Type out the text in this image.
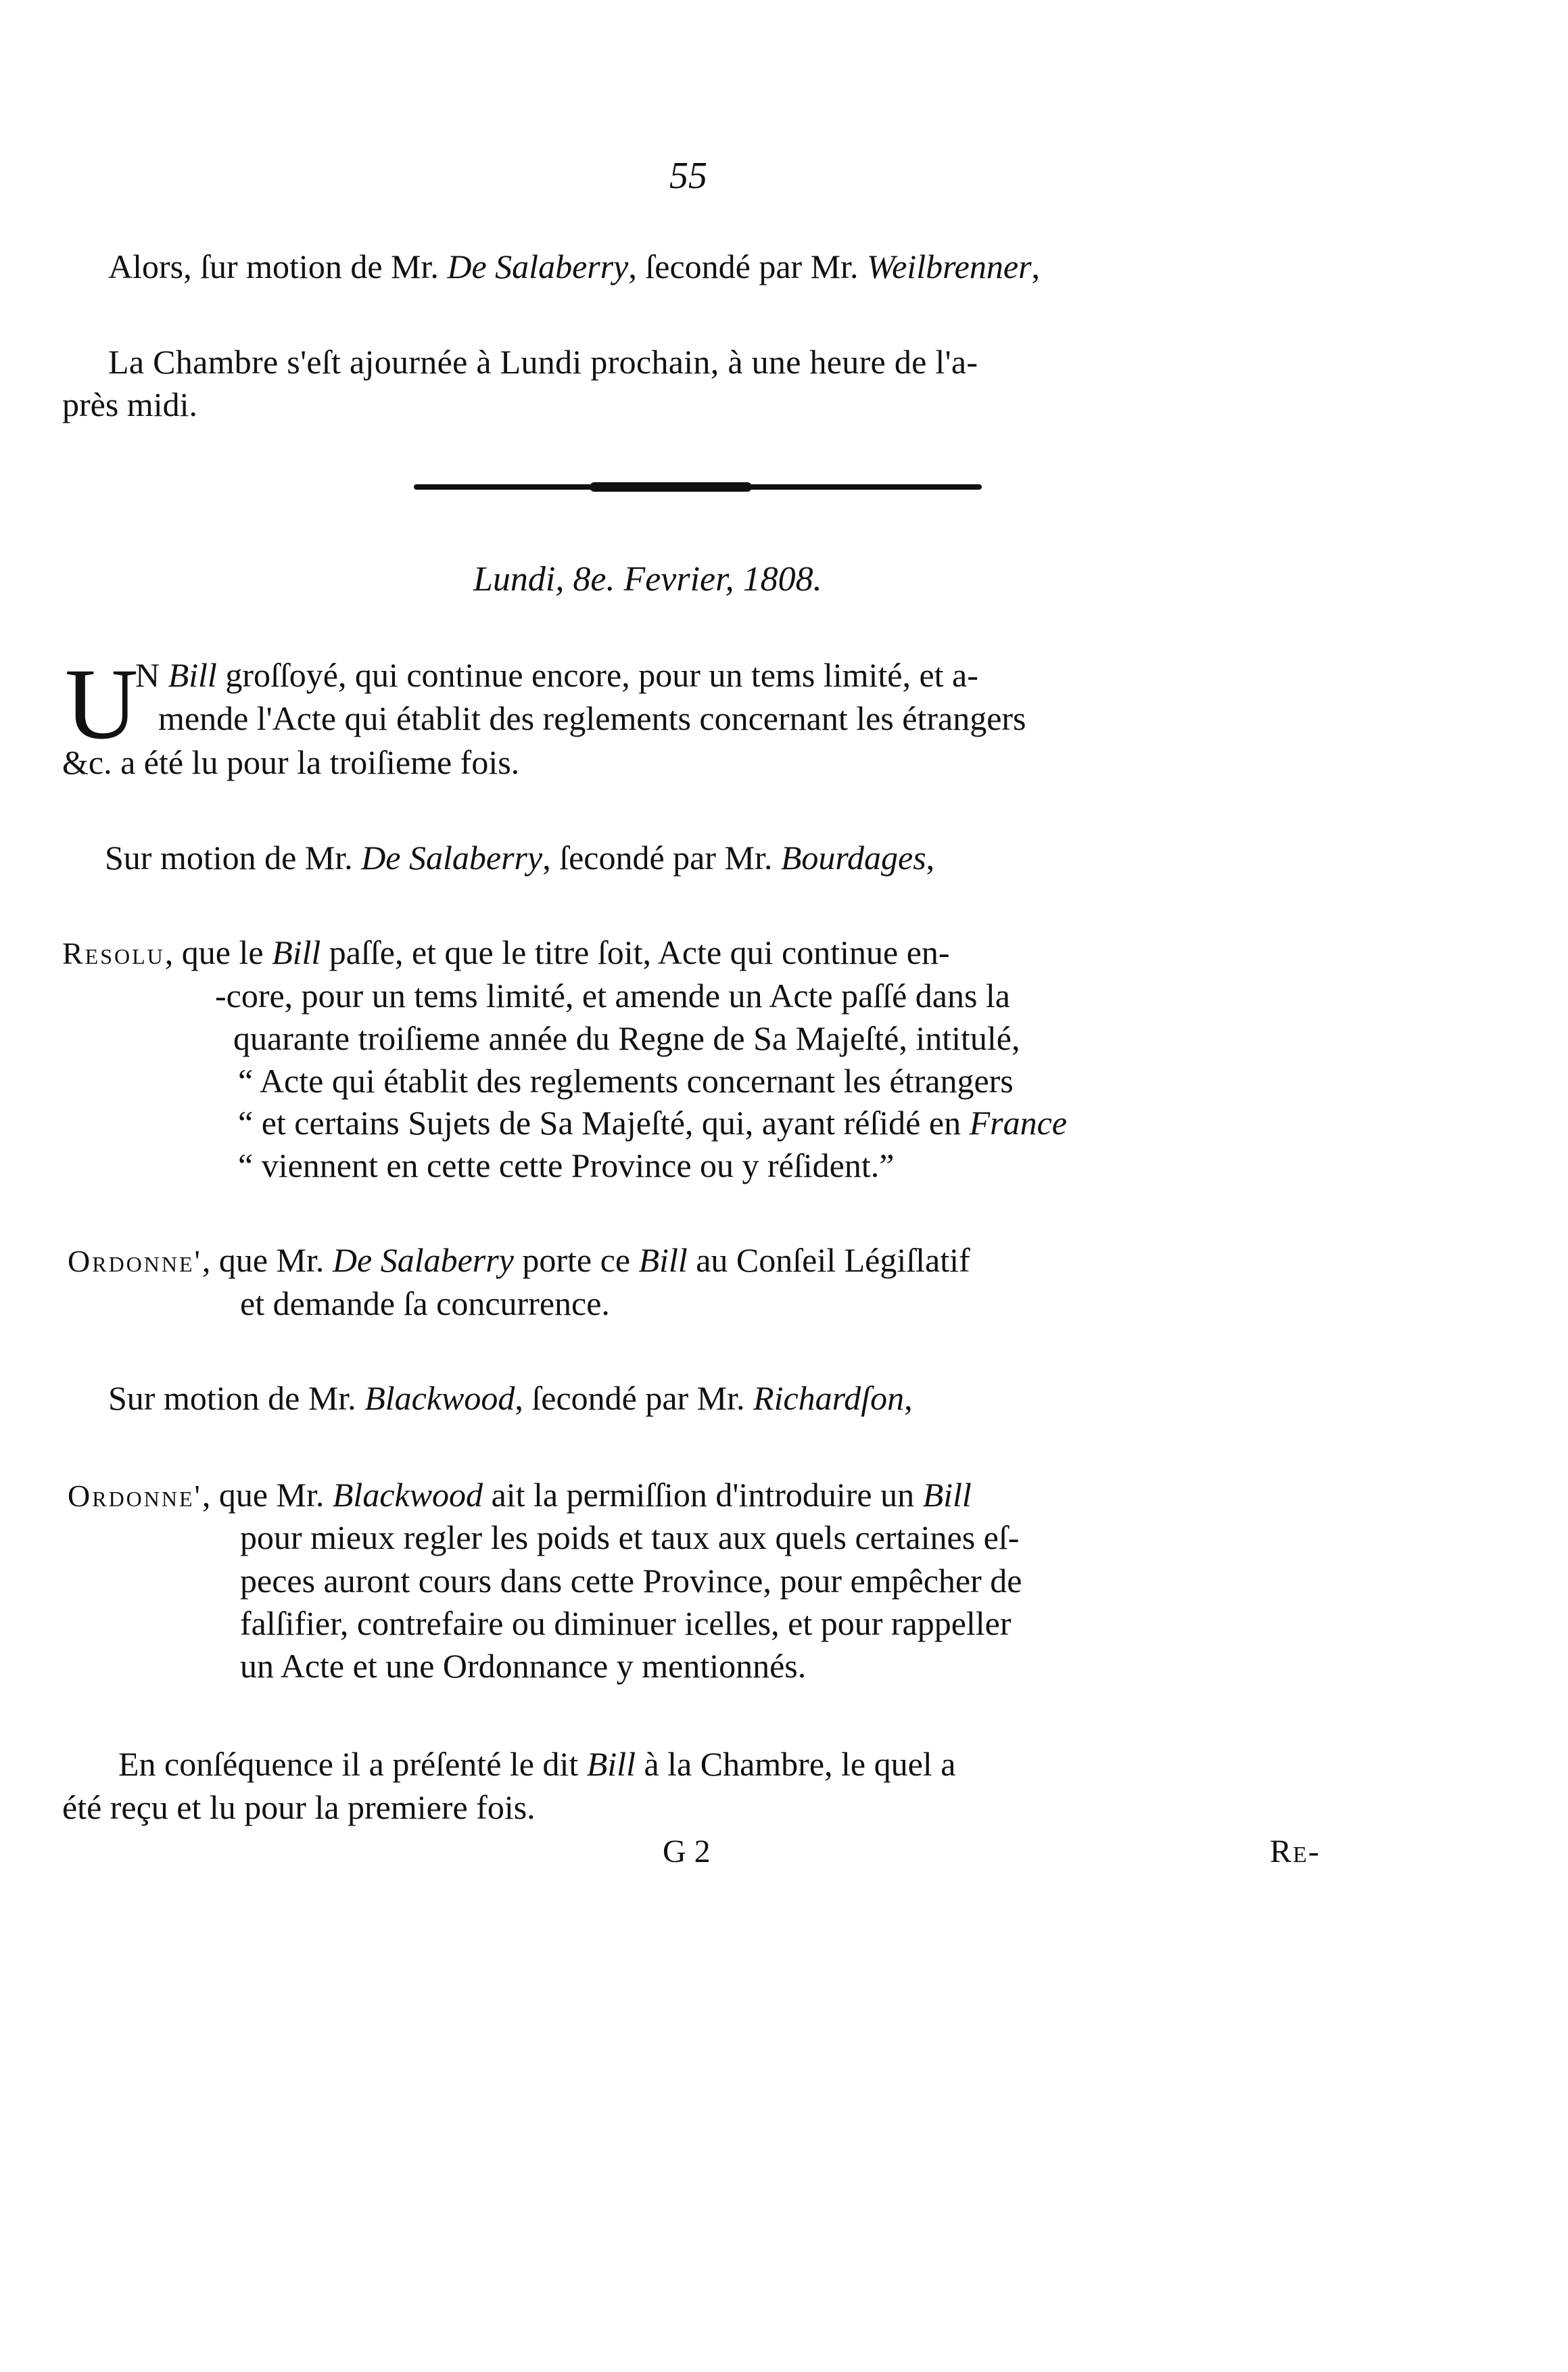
55
Alors, ſur motion de Mr. De Salaberry, ſecondé par Mr. Weilbrenner,
La Chambre s'eſt ajournée à Lundi prochain, à une heure de l'a-
près midi.
Lundi, 8e. Fevrier, 1808.
U
N Bill groſſoyé, qui continue encore, pour un tems limité, et a-
mende l'Acte qui établit des reglements concernant les étrangers
&c. a été lu pour la troiſieme fois.
Sur motion de Mr. De Salaberry, ſecondé par Mr. Bourdages,
Resolu, que le Bill paſſe, et que le titre ſoit, Acte qui continue en-
-core, pour un tems limité, et amende un Acte paſſé dans la
quarante troiſieme année du Regne de Sa Majeſté, intitulé,
“ Acte qui établit des reglements concernant les étrangers
“ et certains Sujets de Sa Majeſté, qui, ayant réſidé en France
“ viennent en cette cette Province ou y réſident.”
Ordonne', que Mr. De Salaberry porte ce Bill au Conſeil Légiſlatif
et demande ſa concurrence.
Sur motion de Mr. Blackwood, ſecondé par Mr. Richardſon,
Ordonne', que Mr. Blackwood ait la permiſſion d'introduire un Bill
pour mieux regler les poids et taux aux quels certaines eſ-
peces auront cours dans cette Province, pour empêcher de
falſifier, contrefaire ou diminuer icelles, et pour rappeller
un Acte et une Ordonnance y mentionnés.
En conſéquence il a préſenté le dit Bill à la Chambre, le quel a
été reçu et lu pour la premiere fois.
G 2	Re-
